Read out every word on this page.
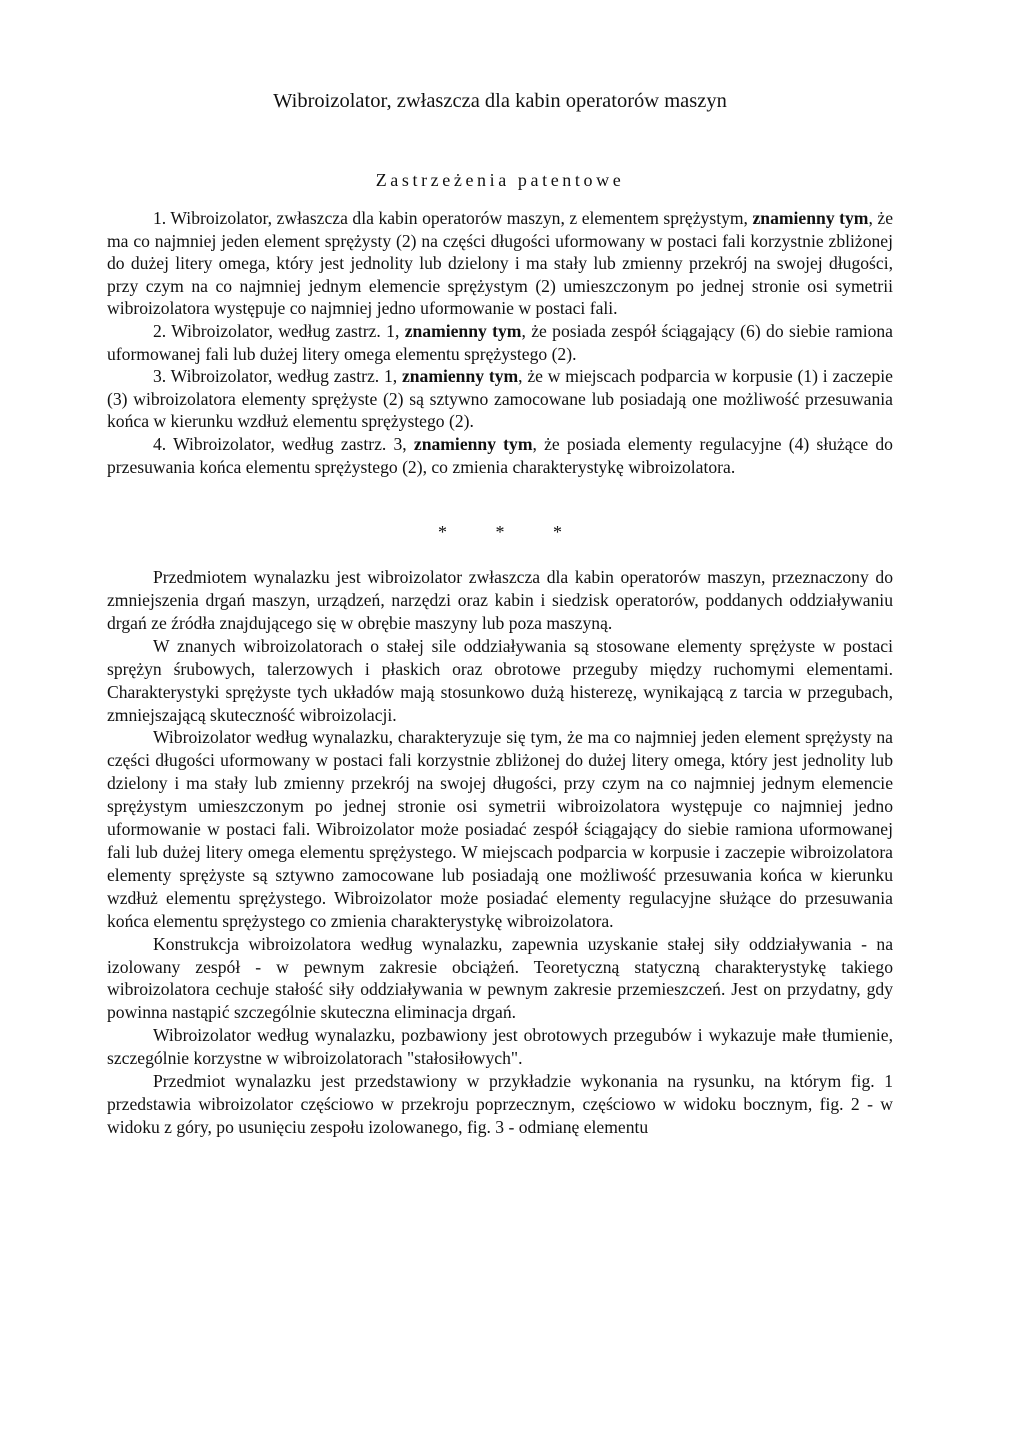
Wibroizolator, zwłaszcza dla kabin operatorów maszyn
Zastrzeżenia patentowe

1. Wibroizolator, zwłaszcza dla kabin operatorów maszyn, z elementem sprężystym, znamienny tym, że ma co najmniej jeden element sprężysty (2) na części długości uformowany w postaci fali korzystnie zbliżonej do dużej litery omega, który jest jednolity lub dzielony i ma stały lub zmienny przekrój na swojej długości, przy czym na co najmniej jednym elemencie sprężystym (2) umieszczonym po jednej stronie osi symetrii wibroizolatora występuje co najmniej jedno uformowanie w postaci fali.

2. Wibroizolator, według zastrz. 1, znamienny tym, że posiada zespół ściągający (6) do siebie ramiona uformowanej fali lub dużej litery omega elementu sprężystego (2).

3. Wibroizolator, według zastrz. 1, znamienny tym, że w miejscach podparcia w korpusie (1) i zaczepie (3) wibroizolatora elementy sprężyste (2) są sztywno zamocowane lub posiadają one możliwość przesuwania końca w kierunku wzdłuż elementu sprężystego (2).

4. Wibroizolator, według zastrz. 3, znamienny tym, że posiada elementy regulacyjne (4) służące do przesuwania końca elementu sprężystego (2), co zmienia charakterystykę wibroizolatora.

* * *

Przedmiotem wynalazku jest wibroizolator zwłaszcza dla kabin operatorów maszyn, przeznaczony do zmniejszenia drgań maszyn, urządzeń, narzędzi oraz kabin i siedzisk operatorów, poddanych oddziaływaniu drgań ze źródła znajdującego się w obrębie maszyny lub poza maszyną.

W znanych wibroizolatorach o stałej sile oddziaływania są stosowane elementy sprężyste w postaci sprężyn śrubowych, talerzowych i płaskich oraz obrotowe przeguby między ruchomymi elementami. Charakterystyki sprężyste tych układów mają stosunkowo dużą histerezę, wynikającą z tarcia w przegubach, zmniejszającą skuteczność wibroizolacji.

Wibroizolator według wynalazku, charakteryzuje się tym, że ma co najmniej jeden element sprężysty na części długości uformowany w postaci fali korzystnie zbliżonej do dużej litery omega, który jest jednolity lub dzielony i ma stały lub zmienny przekrój na swojej długości, przy czym na co najmniej jednym elemencie sprężystym umieszczonym po jednej stronie osi symetrii wibroizolatora występuje co najmniej jedno uformowanie w postaci fali. Wibroizolator może posiadać zespół ściągający do siebie ramiona uformowanej fali lub dużej litery omega elementu sprężystego. W miejscach podparcia w korpusie i zaczepie wibroizolatora elementy sprężyste są sztywno zamocowane lub posiadają one możliwość przesuwania końca w kierunku wzdłuż elementu sprężystego. Wibroizolator może posiadać elementy regulacyjne służące do przesuwania końca elementu sprężystego co zmienia charakterystykę wibroizolatora.

Konstrukcja wibroizolatora według wynalazku, zapewnia uzyskanie stałej siły oddziaływania - na izolowany zespół - w pewnym zakresie obciążeń. Teoretyczną statyczną charakterystykę takiego wibroizolatora cechuje stałość siły oddziaływania w pewnym zakresie przemieszczeń. Jest on przydatny, gdy powinna nastąpić szczególnie skuteczna eliminacja drgań.

Wibroizolator według wynalazku, pozbawiony jest obrotowych przegubów i wykazuje małe tłumienie, szczególnie korzystne w wibroizolatorach "stałosiłowych".

Przedmiot wynalazku jest przedstawiony w przykładzie wykonania na rysunku, na którym fig. 1 przedstawia wibroizolator częściowo w przekroju poprzecznym, częściowo w widoku bocznym, fig. 2 - w widoku z góry, po usunięciu zespołu izolowanego, fig. 3 - odmianę elementu
